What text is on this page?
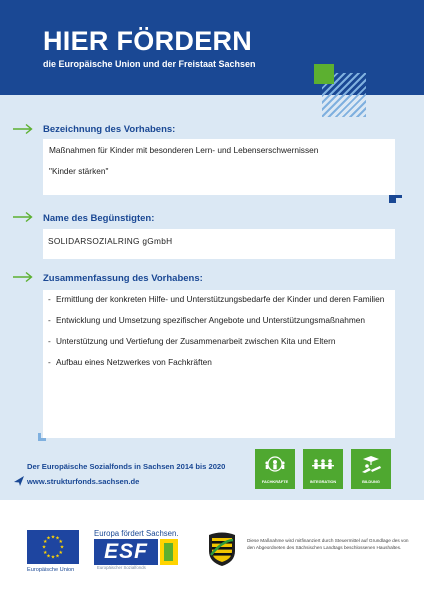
HIER FÖRDERN
die Europäische Union und der Freistaat Sachsen
Bezeichnung des Vorhabens:

Maßnahmen für Kinder mit besonderen Lern- und Lebenserschwernissen

"Kinder stärken"

Name des Begünstigten:

SOLIDARSOZIALRING gGmbH

Zusammenfassung des Vorhabens:
- Ermittlung der konkreten Hilfe- und Unterstützungsbedarfe der Kinder und deren Familien
- Entwicklung und Umsetzung spezifischer Angebote und Unterstützungsmaßnahmen
- Unterstützung und Vertiefung der Zusammenarbeit zwischen Kita und Eltern
- Aufbau eines Netzwerkes von Fachkräften
Der Europäische Sozialfonds in Sachsen 2014 bis 2020
www.strukturfonds.sachsen.de	FACHKRÄFTE	INTEGRATION	BILDUNG
★ ★
★
★
★
★
★
★
★
★
★
★
Europäische Union
Europa fördert Sachsen.
ESF
Europäischer Sozialfonds
Diese Maßnahme wird mitfinanziert durch Steuermittel auf Grundlage des von den Abgeordneten des Sächsischen Landtags beschlossenen Haushaltes.
